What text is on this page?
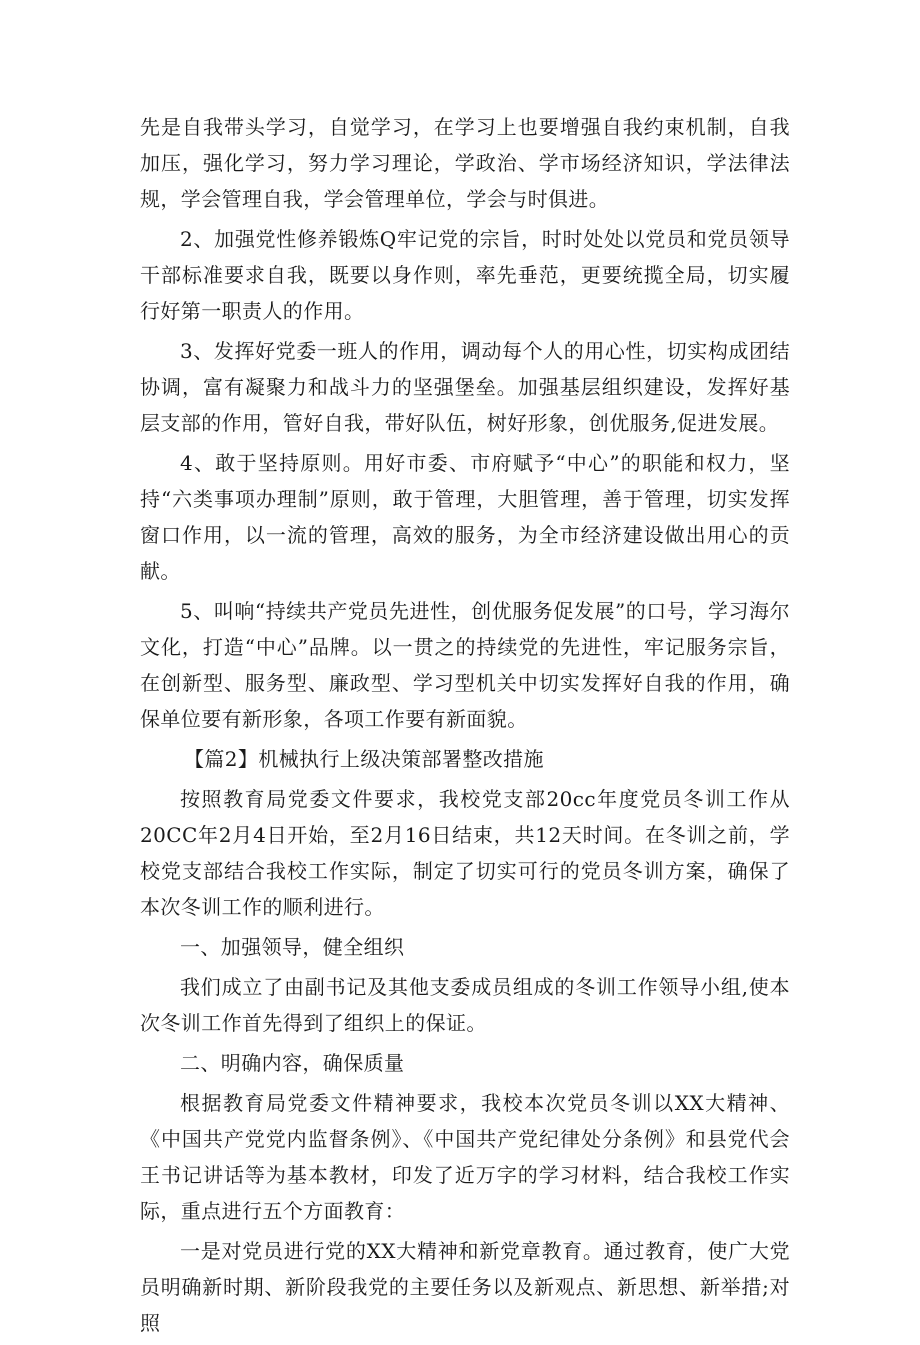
先是自我带头学习，自觉学习，在学习上也要增强自我约束机制，自我加压，强化学习，努力学习理论，学政治、学市场经济知识，学法律法规，学会管理自我，学会管理单位，学会与时俱进。

2、加强党性修养锻炼Q牢记党的宗旨，时时处处以党员和党员领导干部标准要求自我，既要以身作则，率先垂范，更要统揽全局，切实履行好第一职责人的作用。

3、发挥好党委一班人的作用，调动每个人的用心性，切实构成团结协调，富有凝聚力和战斗力的坚强堡垒。加强基层组织建设，发挥好基层支部的作用，管好自我，带好队伍，树好形象，创优服务,促进发展。

4、敢于坚持原则。用好市委、市府赋予“中心”的职能和权力，坚持“六类事项办理制”原则，敢于管理，大胆管理，善于管理，切实发挥窗口作用，以一流的管理，高效的服务，为全市经济建设做出用心的贡献。

5、叫响“持续共产党员先进性，创优服务促发展”的口号，学习海尔文化，打造“中心”品牌。以一贯之的持续党的先进性，牢记服务宗旨，在创新型、服务型、廉政型、学习型机关中切实发挥好自我的作用，确保单位要有新形象，各项工作要有新面貌。

【篇2】机械执行上级决策部署整改措施

按照教育局党委文件要求，我校党支部20cc年度党员冬训工作从20CC年2月4日开始，至2月16日结束，共12天时间。在冬训之前，学校党支部结合我校工作实际，制定了切实可行的党员冬训方案，确保了本次冬训工作的顺利进行。

一、加强领导，健全组织

我们成立了由副书记及其他支委成员组成的冬训工作领导小组,使本次冬训工作首先得到了组织上的保证。

二、明确内容，确保质量

根据教育局党委文件精神要求，我校本次党员冬训以XX大精神、《中国共产党党内监督条例》、《中国共产党纪律处分条例》和县党代会王书记讲话等为基本教材，印发了近万字的学习材料，结合我校工作实际，重点进行五个方面教育：

一是对党员进行党的XX大精神和新党章教育。通过教育，使广大党员明确新时期、新阶段我党的主要任务以及新观点、新思想、新举措;对照
